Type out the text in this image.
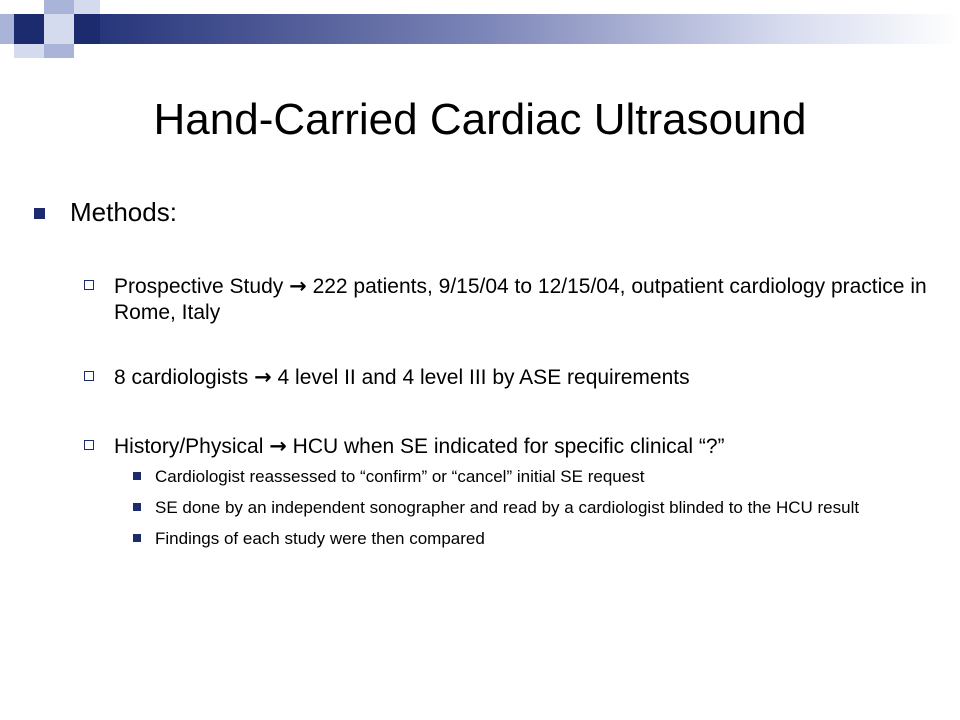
Hand-Carried Cardiac Ultrasound
Methods:
Prospective Study → 222 patients, 9/15/04 to 12/15/04, outpatient cardiology practice in Rome, Italy
8 cardiologists → 4 level II and 4 level III by ASE requirements
History/Physical → HCU when SE indicated for specific clinical “?”
Cardiologist reassessed to “confirm” or “cancel” initial SE request
SE done by an independent sonographer and read by a cardiologist blinded to the HCU result
Findings of each study were then compared
